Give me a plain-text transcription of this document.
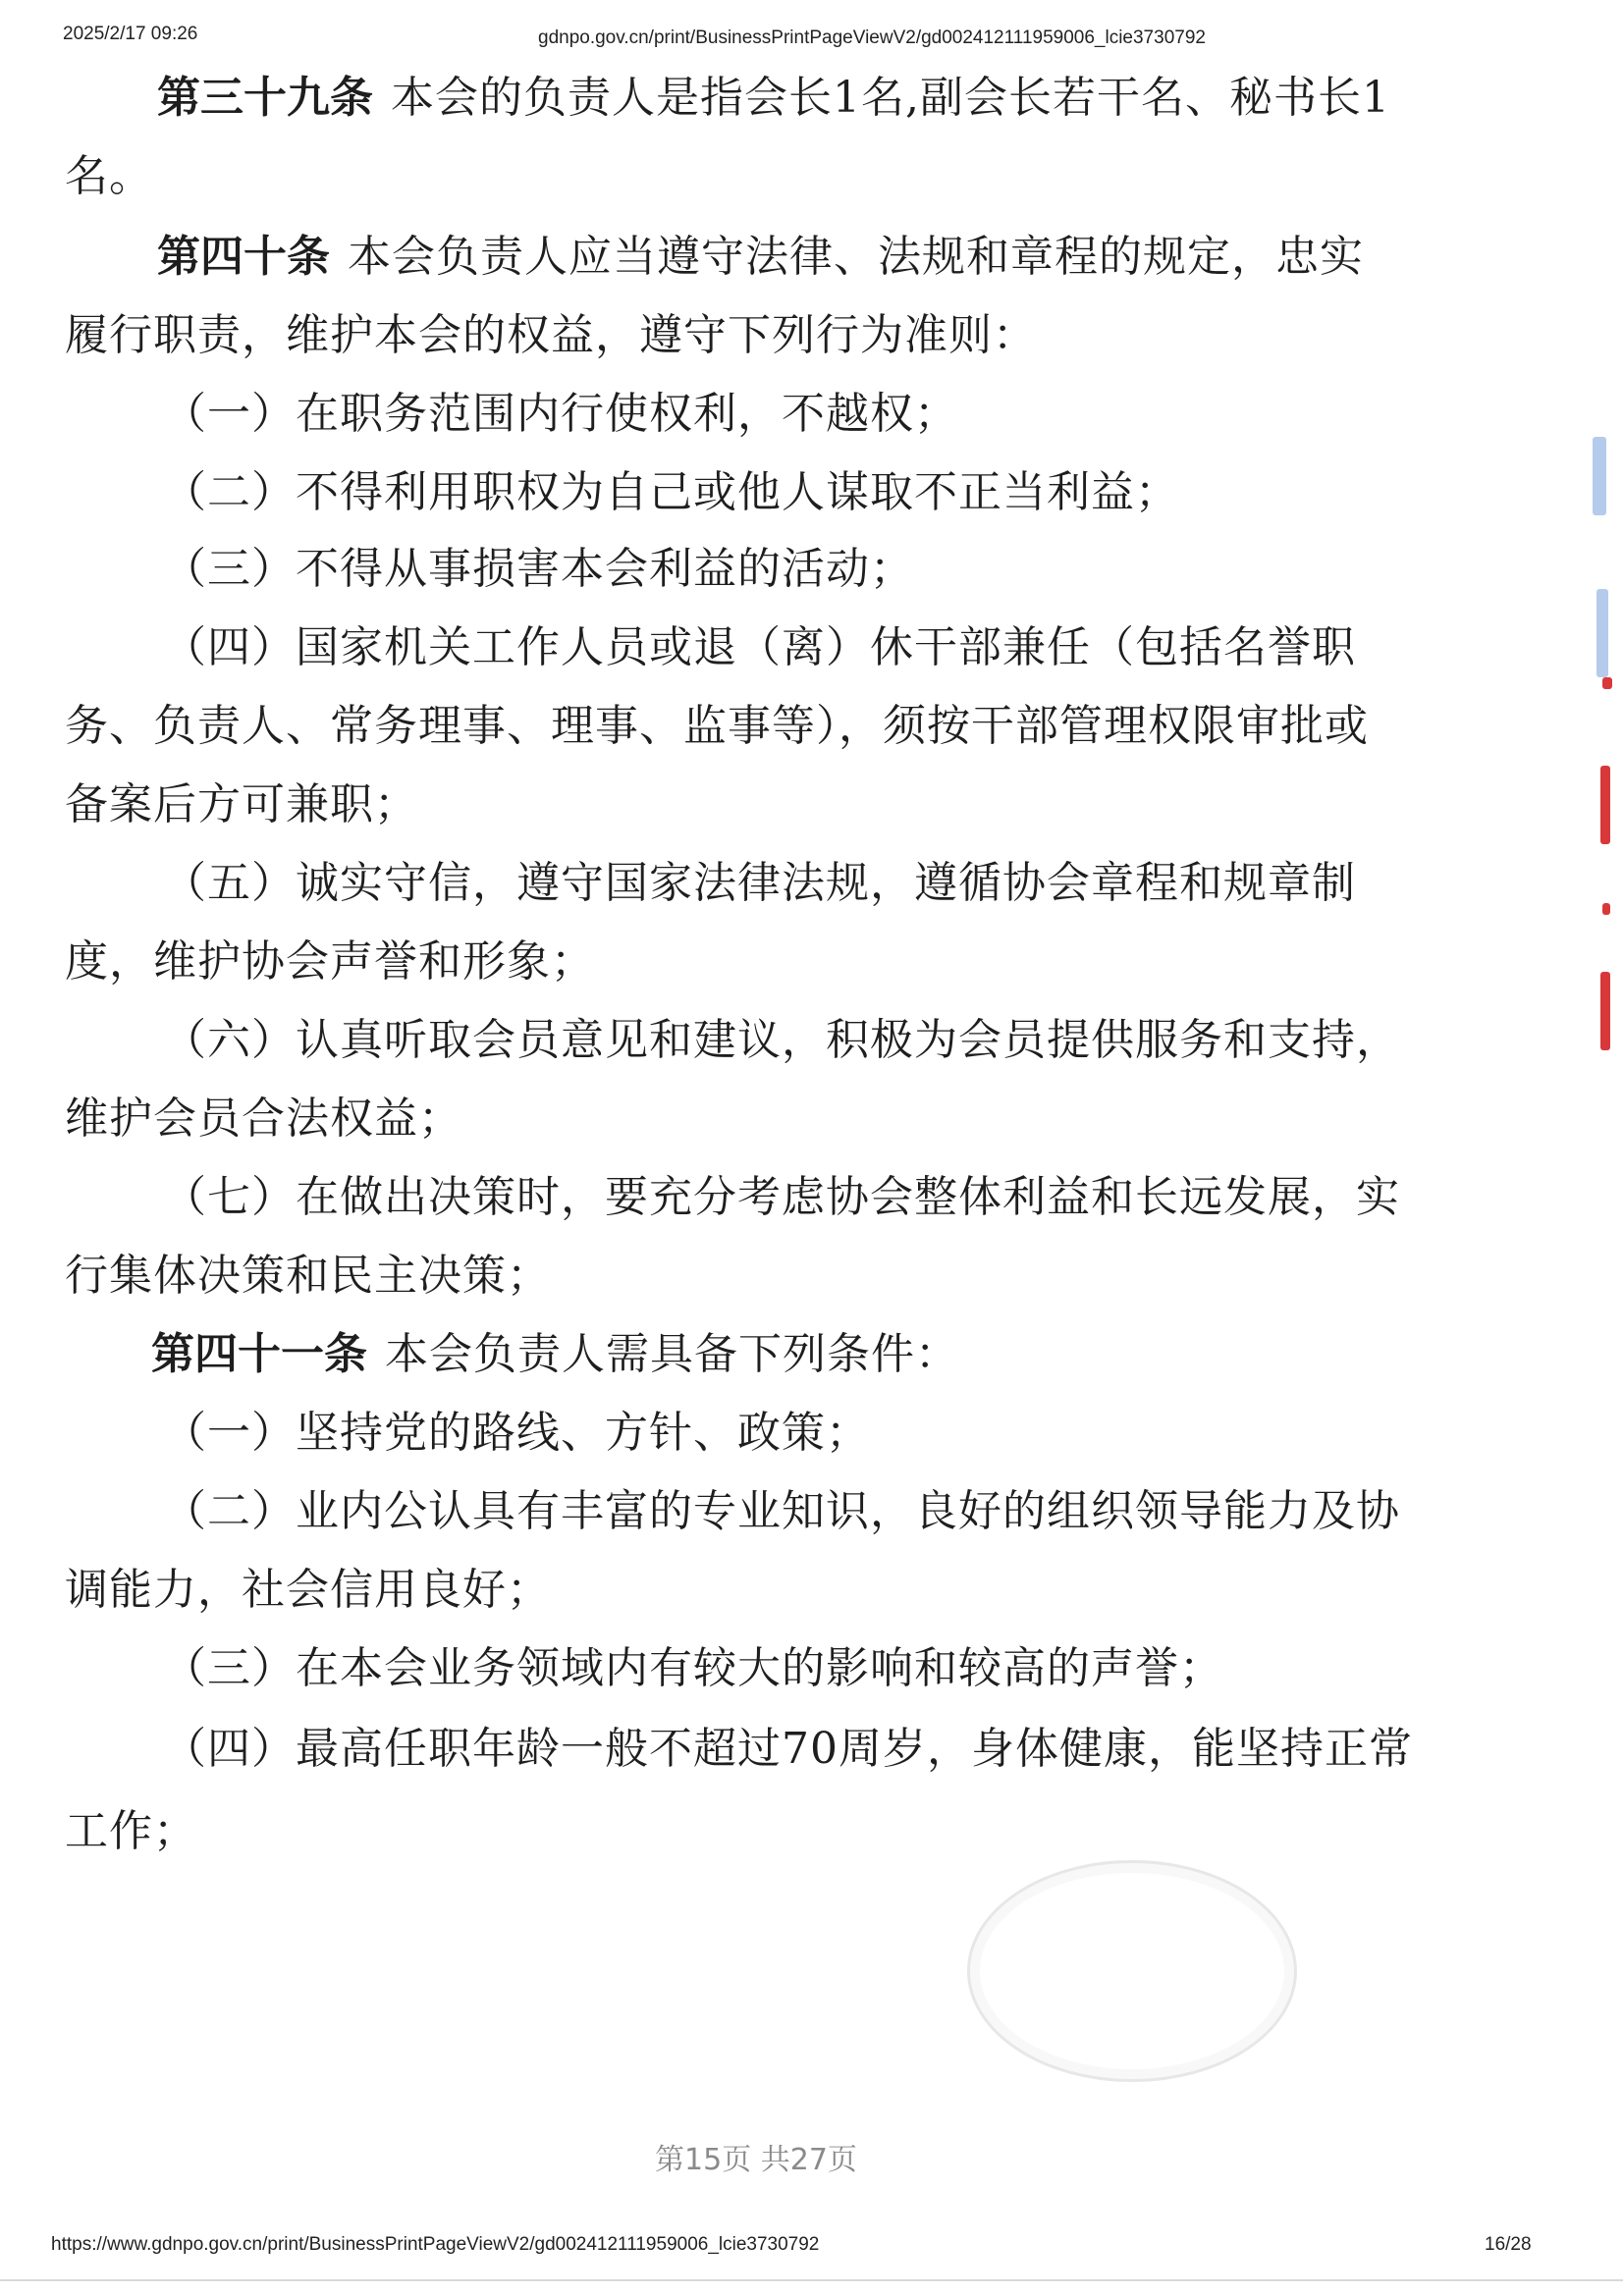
2025/2/17 09:26	gdnpo.gov.cn/print/BusinessPrintPageViewV2/gd002412111959006_lcie3730792
第三十九条 本会的负责人是指会长1名,副会长若干名、秘书长1
名。
第四十条 本会负责人应当遵守法律、法规和章程的规定，忠实
履行职责，维护本会的权益，遵守下列行为准则：
（一）在职务范围内行使权利，不越权；
（二）不得利用职权为自己或他人谋取不正当利益；
（三）不得从事损害本会利益的活动；
（四）国家机关工作人员或退（离）休干部兼任（包括名誉职
务、负责人、常务理事、理事、监事等），须按干部管理权限审批或
备案后方可兼职；
（五）诚实守信，遵守国家法律法规，遵循协会章程和规章制
度，维护协会声誉和形象；
（六）认真听取会员意见和建议，积极为会员提供服务和支持，
维护会员合法权益；
（七）在做出决策时，要充分考虑协会整体利益和长远发展，实
行集体决策和民主决策；
第四十一条 本会负责人需具备下列条件：
（一）坚持党的路线、方针、政策；
（二）业内公认具有丰富的专业知识，良好的组织领导能力及协
调能力，社会信用良好；
（三）在本会业务领域内有较大的影响和较高的声誉；
（四）最高任职年龄一般不超过70周岁，身体健康，能坚持正常
工作；
第15页 共27页
https://www.gdnpo.gov.cn/print/BusinessPrintPageViewV2/gd002412111959006_lcie3730792	16/28
